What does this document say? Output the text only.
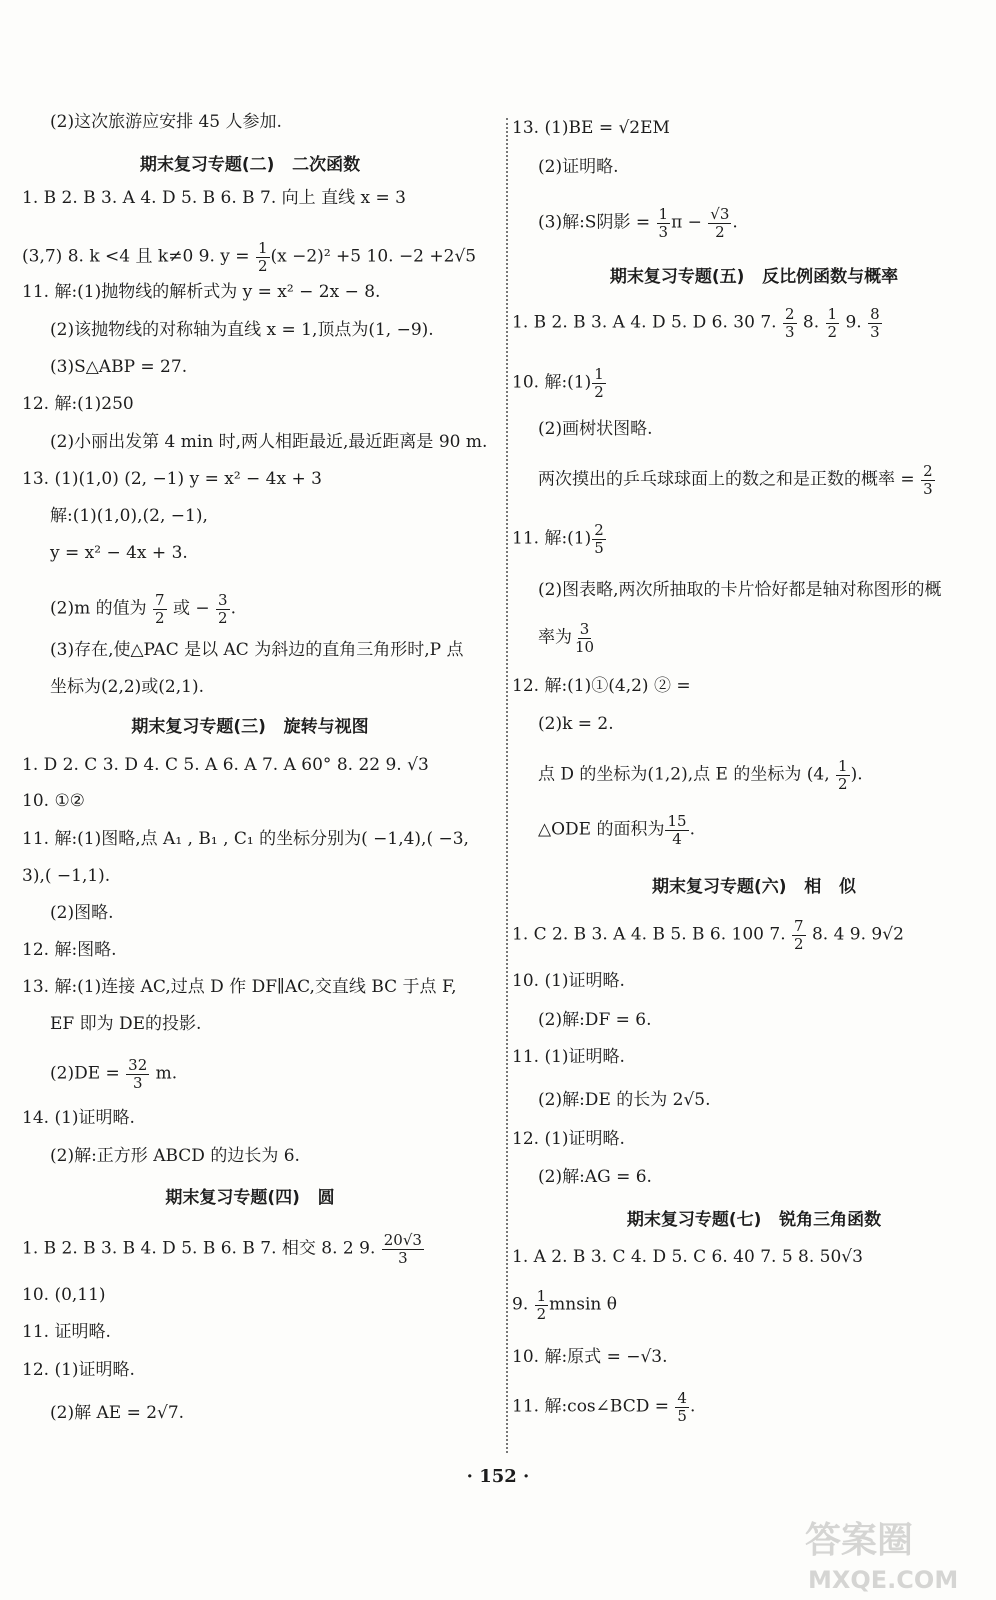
(2)这次旅游应安排 45 人参加.
期末复习专题(二)   二次函数
1. B 2. B 3. A 4. D 5. B 6. B 7. 向上 直线 x = 3
(3,7) 8. k <4 且 k≠0 9. $y = \frac{1}{2} (x -2)^2 +5$ 10. −2 +2√5
11. 解:(1)抛物线的解析式为 y = x² − 2x − 8.
(2)该抛物线的对称轴为直线 x = 1,顶点为(1, −9).
(3)S△ABP = 27.
12. 解:(1)250
(2)小丽出发第 4 min 时,两人相距最近,最近距离是 90 m.
13. (1)(1,0) (2, −1) y = x² − 4x + 3
解:(1)(1,0),(2, −1),
y = x² − 4x + 3.
(2)m 的值为 $\frac{7}{2}$ 或 − $\frac{3}{2}$ .
(3)存在,使△PAC 是以 AC 为斜边的直角三角形时,P 点
坐标为(2,2)或(2,1).
期末复习专题(三)   旋转与视图
1. D 2. C 3. D 4. C 5. A 6. A 7. A 60° 8. 22 9. √3
10. ①②
11. 解:(1)图略,点 A₁ , B₁ , C₁ 的坐标分别为( −1,4),( −3,
3),( −1,1).
(2)图略.
12. 解:图略.
13. 解:(1)连接 AC,过点 D 作 DF∥AC,交直线 BC 于点 F,
EF 即为 DE的投影.
$(2)DE = \frac{32}{3} m$.
14. (1)证明略.
(2)解:正方形 ABCD 的边长为 6.
期末复习专题(四)   圆
1. B 2. B 3. B 4. D 5. B 6. B 7. 相交 8. 2 9. $\frac{20√3}{3}$
10. (0,11)
11. 证明略.
12. (1)证明略.
(2)解 AE = 2√7.
13. (1)BE = √2EM
(2)证明略.
(3)解:S阴影 = $\frac{1}{3}$ $\pi - \frac{√3}{2}$ .
期末复习专题(五)   反比例函数与概率
1. B 2. B 3. A 4. D 5. D 6. 30 7. $\frac{2}{3} 8$. $\frac{1}{2} 9$. $\frac{8}{3}$
10. 解:(1) $\frac{1}{2}$
(2)画树状图略.
两次摸出的乒乓球球面上的数之和是正数的概率 = $\frac{2}{3}$
11. 解:(1) $\frac{2}{5}$
(2)图表略,两次所抽取的卡片恰好都是轴对称图形的概
率为 $\frac{3}{10}$
12. 解:(1)①(4,2) ② =
(2)k = 2.
点 D 的坐标为(1,2),点 E 的坐标为 (4, $\frac{1}{2}$ ).
△ODE 的面积为 $\frac{15}{4}$ .
期末复习专题(六)   相   似
1. C 2. B 3. A 4. B 5. B 6. 100 7. $\frac{7}{2} 8$. 4 9. 9√2
10. (1)证明略.
(2)解:DF = 6.
11. (1)证明略.
(2)解:DE 的长为 2√5.
12. (1)证明略.
(2)解:AG = 6.
期末复习专题(七)   锐角三角函数
1. A 2. B 3. C 4. D 5. C 6. 40 7. 5 8. 50√3
9. $\frac{1}{2}$ mnsin θ
10. 解:原式 = −√3.
11. 解:cos∠BCD = $\frac{4}{5}$ .
· 152 ·
答案圈
MXQE.COM
